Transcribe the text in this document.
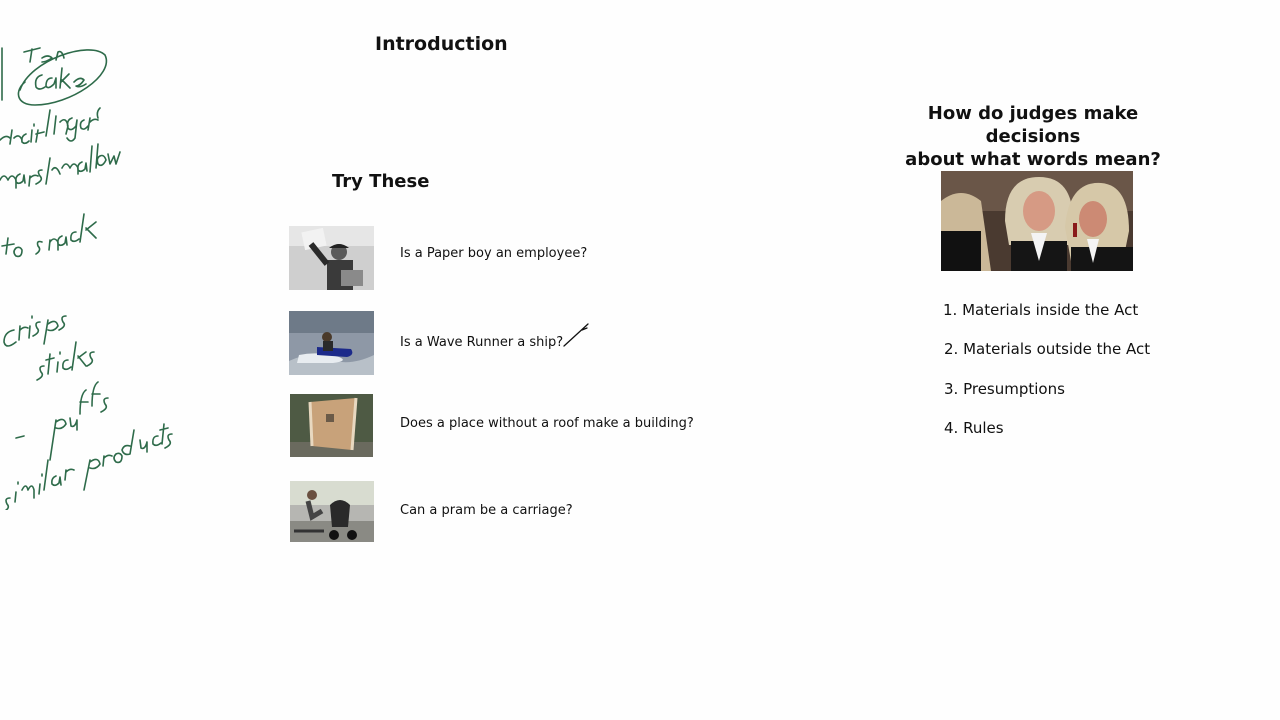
Introduction
Try These
Is a Paper boy an employee?
Is a Wave Runner a ship?
Does a place without a roof make a building?
Can a pram be a carriage?
How do judges make decisions
about what words mean?
1. Materials inside the Act
2. Materials outside the Act
3. Presumptions
4. Rules
